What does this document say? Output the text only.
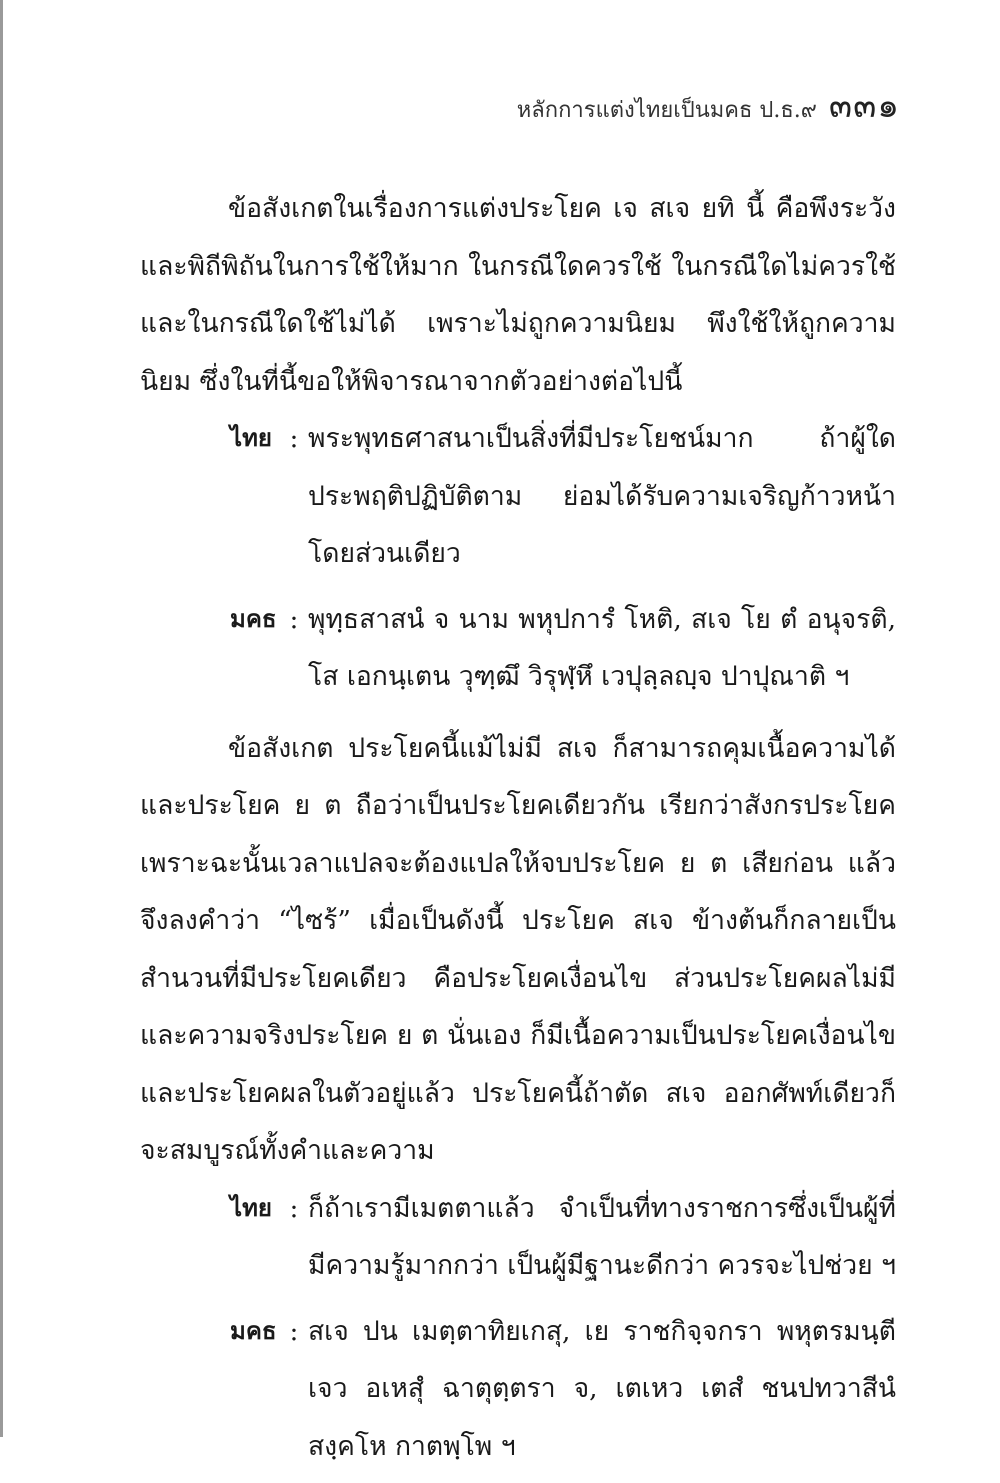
หลักการแต่งไทยเป็นมคธ ป.ธ.๙ ๓๓๑

ข้อสังเกตในเรื่องการแต่งประโยค เจ สเจ ยทิ นี้ คือพึงระวัง และพิถีพิถันในการใช้ให้มาก ในกรณีใดควรใช้ ในกรณีใดไม่ควรใช้ และในกรณีใดใช้ไม่ได้ เพราะไม่ถูกความนิยม พึงใช้ให้ถูกความนิยม ซึ่งในที่นี้ขอให้พิจารณาจากตัวอย่างต่อไปนี้

ไทย : พระพุทธศาสนาเป็นสิ่งที่มีประโยชน์มาก ถ้าผู้ใดประพฤติปฏิบัติตาม ย่อมได้รับความเจริญก้าวหน้าโดยส่วนเดียว
มคธ : พุทฺธสาสนํ จ นาม พหุปการํ โหติ, สเจ โย ตํ อนุจรติ, โส เอกนฺเตน วุฑฺฒึ วิรุฬฺหึ เวปุลฺลญฺจ ปาปุณาติ ฯ

ข้อสังเกต ประโยคนี้แม้ไม่มี สเจ ก็สามารถคุมเนื้อความได้ และประโยค ย ต ถือว่าเป็นประโยคเดียวกัน เรียกว่าสังกรประโยค เพราะฉะนั้นเวลาแปลจะต้องแปลให้จบประโยค ย ต เสียก่อน แล้วจึงลงคำว่า “ไซร้” เมื่อเป็นดังนี้ ประโยค สเจ ข้างต้นก็กลายเป็นสำนวนที่มีประโยคเดียว คือประโยคเงื่อนไข ส่วนประโยคผลไม่มี และความจริงประโยค ย ต นั่นเอง ก็มีเนื้อความเป็นประโยคเงื่อนไขและประโยคผลในตัวอยู่แล้ว ประโยคนี้ถ้าตัด สเจ ออกศัพท์เดียวก็จะสมบูรณ์ทั้งคำและความ

ไทย : ก็ถ้าเรามีเมตตาแล้ว จำเป็นที่ทางราชการซึ่งเป็นผู้ที่มีความรู้มากกว่า เป็นผู้มีฐานะดีกว่า ควรจะไปช่วย ฯ
มคธ : สเจ ปน เมตฺตาทิยเกสุ, เย ราชกิจฺจกรา พหุตรมนฺตี เจว อเหสุํ ฉาตุตฺตรา จ, เตเหว เตสํ ชนปทวาสีนํ สงฺคโห กาตพฺโพ ฯ
